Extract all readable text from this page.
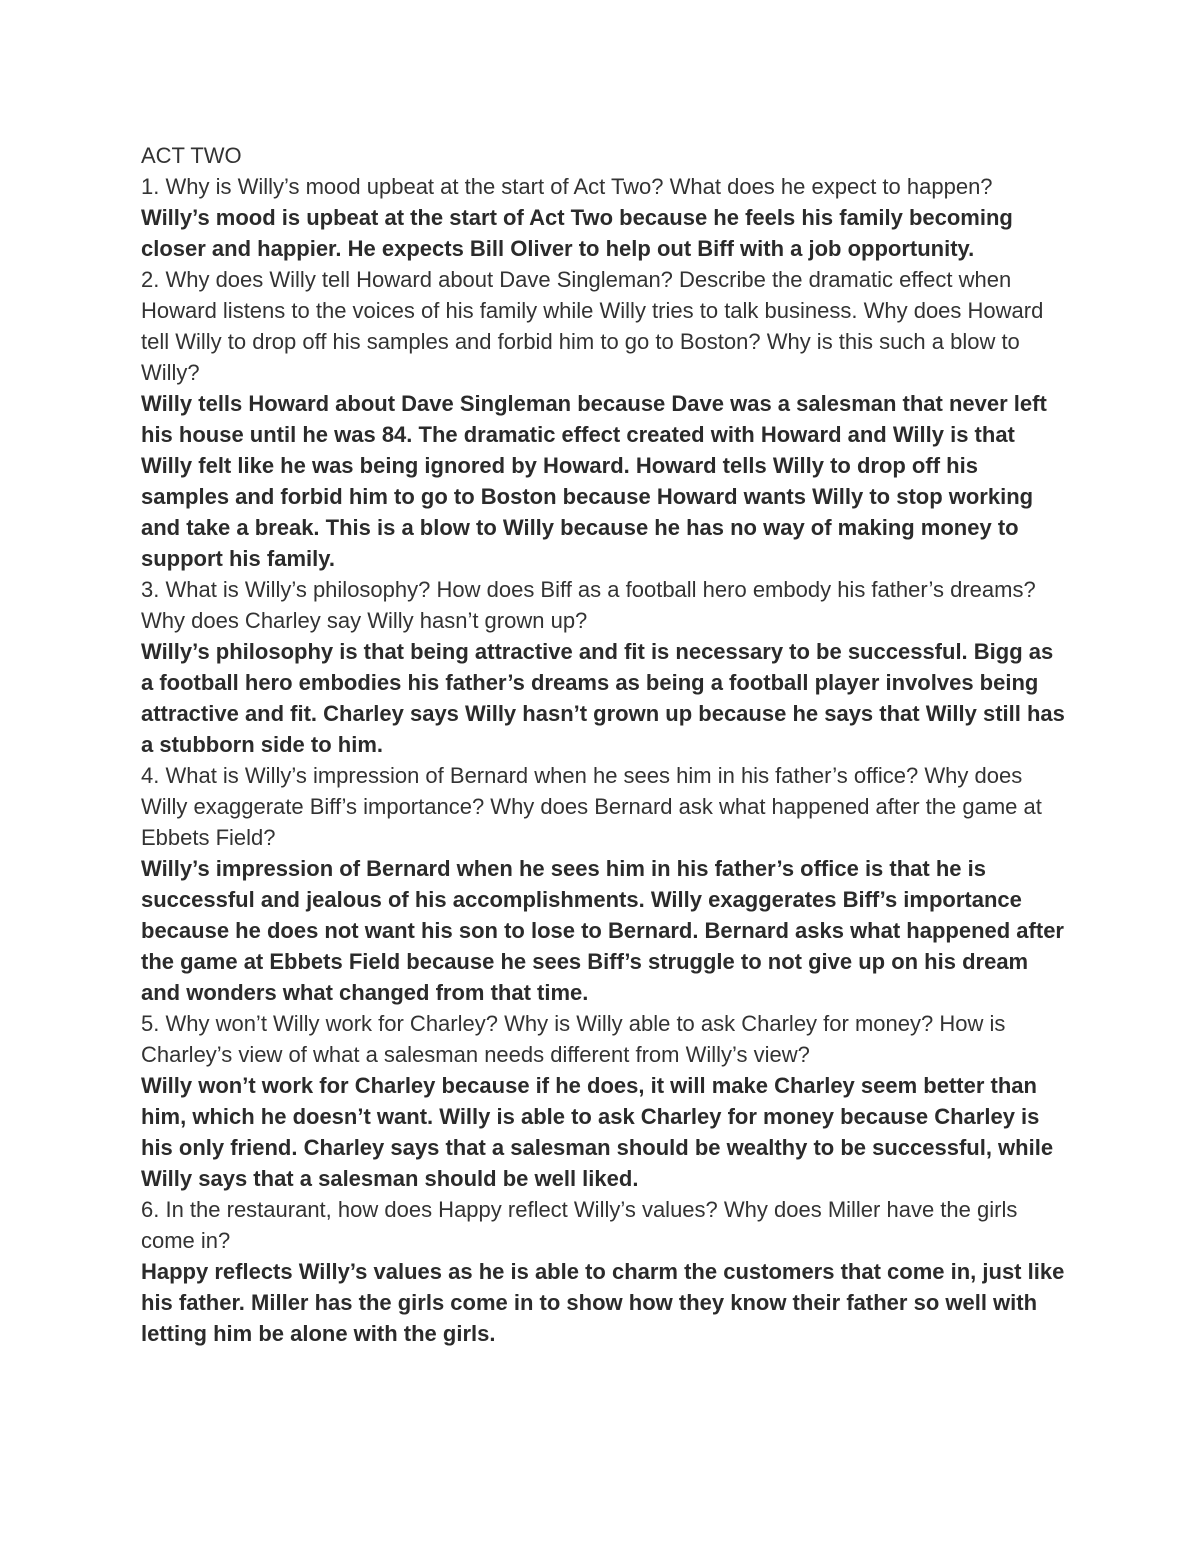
ACT TWO

1. Why is Willy’s mood upbeat at the start of Act Two? What does he expect to happen?

Willy’s mood is upbeat at the start of Act Two because he feels his family becoming closer and happier. He expects Bill Oliver to help out Biff with a job opportunity.

2. Why does Willy tell Howard about Dave Singleman? Describe the dramatic effect when Howard listens to the voices of his family while Willy tries to talk business. Why does Howard tell Willy to drop off his samples and forbid him to go to Boston? Why is this such a blow to Willy?

Willy tells Howard about Dave Singleman because Dave was a salesman that never left his house until he was 84. The dramatic effect created with Howard and Willy is that Willy felt like he was being ignored by Howard. Howard tells Willy to drop off his samples and forbid him to go to Boston because Howard wants Willy to stop working and take a break. This is a blow to Willy because he has no way of making money to support his family.

3. What is Willy’s philosophy? How does Biff as a football hero embody his father’s dreams? Why does Charley say Willy hasn’t grown up?

Willy’s philosophy is that being attractive and fit is necessary to be successful. Bigg as a football hero embodies his father’s dreams as being a football player involves being attractive and fit. Charley says Willy hasn’t grown up because he says that Willy still has a stubborn side to him.

4. What is Willy’s impression of Bernard when he sees him in his father’s office? Why does Willy exaggerate Biff’s importance? Why does Bernard ask what happened after the game at Ebbets Field?

Willy’s impression of Bernard when he sees him in his father’s office is that he is successful and jealous of his accomplishments. Willy exaggerates Biff’s importance because he does not want his son to lose to Bernard. Bernard asks what happened after the game at Ebbets Field because he sees Biff’s struggle to not give up on his dream and wonders what changed from that time.

5. Why won’t Willy work for Charley? Why is Willy able to ask Charley for money? How is Charley’s view of what a salesman needs different from Willy’s view?

Willy won’t work for Charley because if he does, it will make Charley seem better than him, which he doesn’t want. Willy is able to ask Charley for money because Charley is his only friend. Charley says that a salesman should be wealthy to be successful, while Willy says that a salesman should be well liked.

6. In the restaurant, how does Happy reflect Willy’s values? Why does Miller have the girls come in?

Happy reflects Willy’s values as he is able to charm the customers that come in, just like his father. Miller has the girls come in to show how they know their father so well with letting him be alone with the girls.
